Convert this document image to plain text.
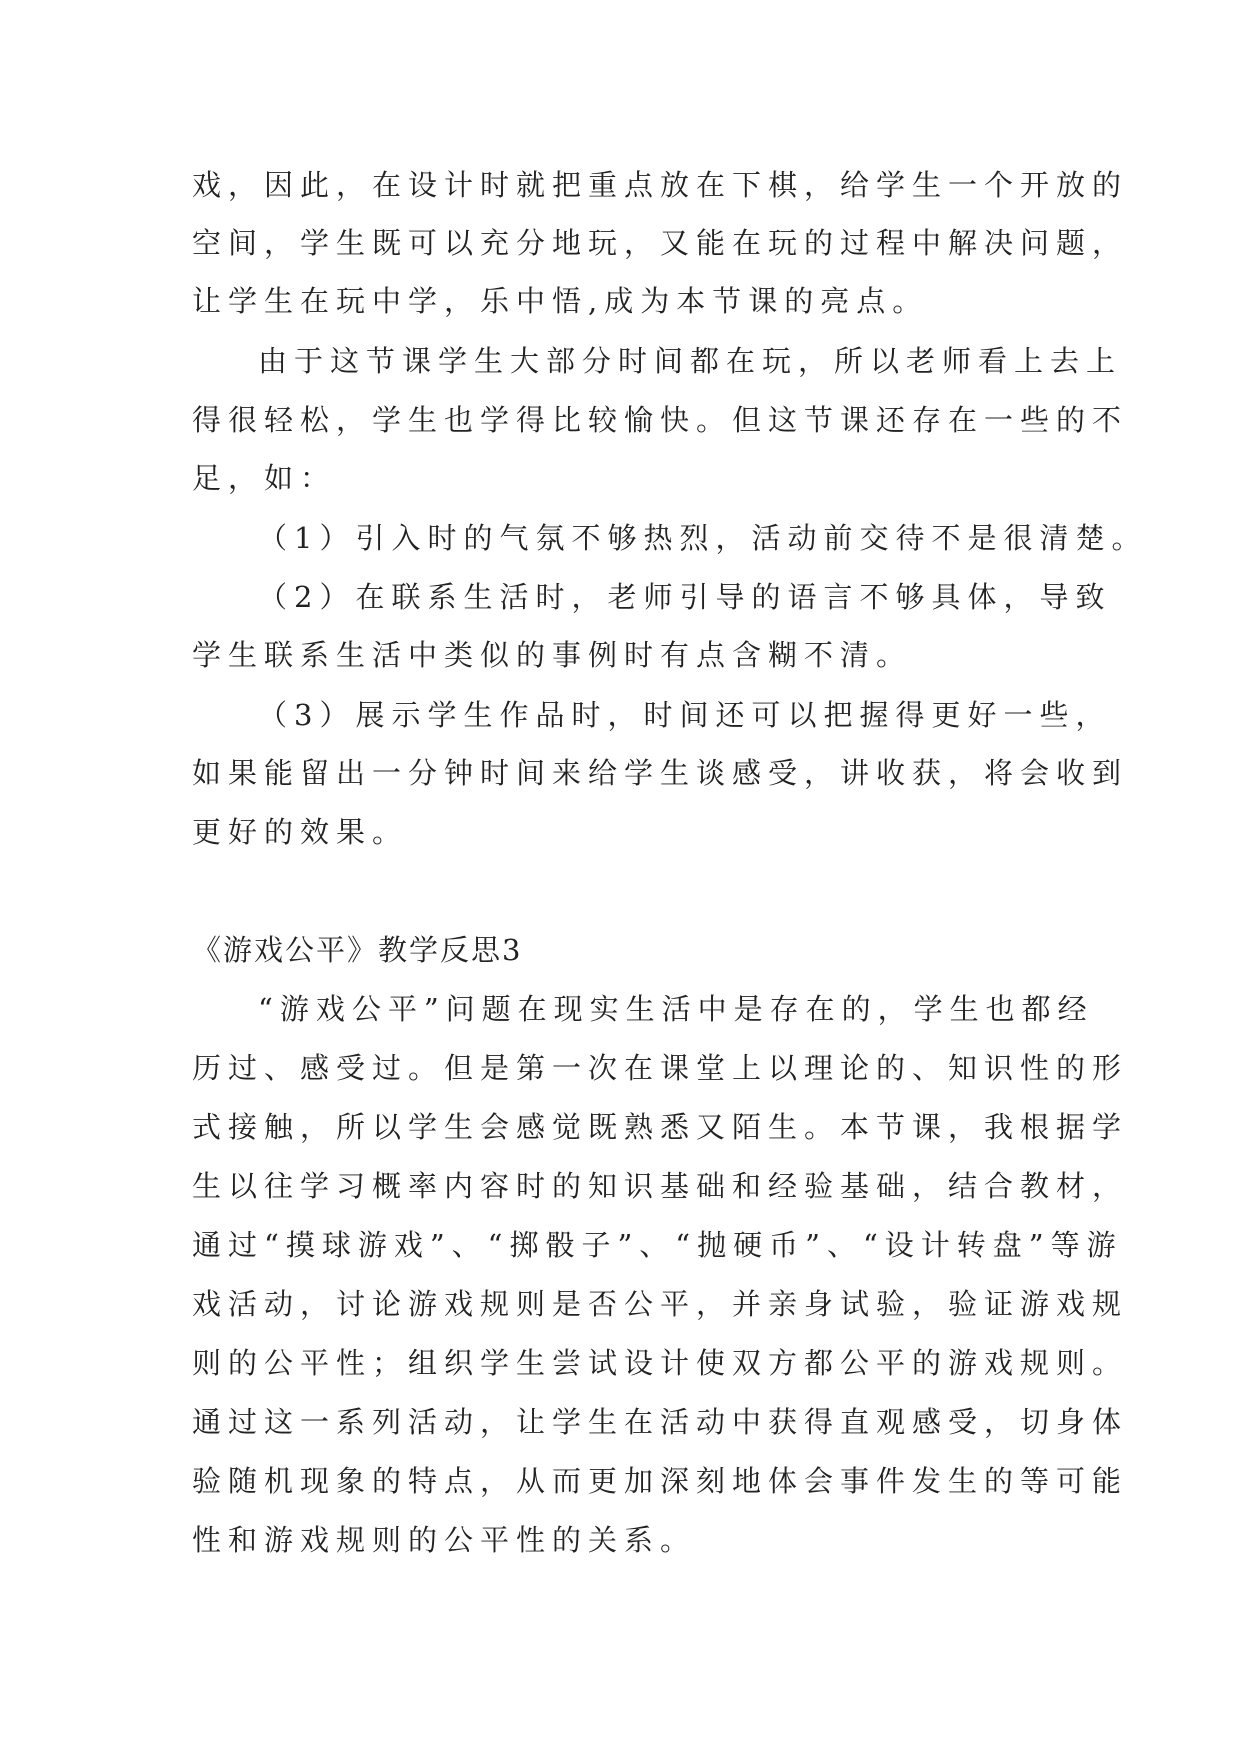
戏，因此，在设计时就把重点放在下棋，给学生一个开放的
空间，学生既可以充分地玩，又能在玩的过程中解决问题，
让学生在玩中学，乐中悟,成为本节课的亮点。
由于这节课学生大部分时间都在玩，所以老师看上去上
得很轻松，学生也学得比较愉快。但这节课还存在一些的不
足，如：
（1）引入时的气氛不够热烈，活动前交待不是很清楚。
（2）在联系生活时，老师引导的语言不够具体，导致
学生联系生活中类似的事例时有点含糊不清。
（3）展示学生作品时，时间还可以把握得更好一些，
如果能留出一分钟时间来给学生谈感受，讲收获，将会收到
更好的效果。
《游戏公平》教学反思3
“游戏公平”问题在现实生活中是存在的，学生也都经
历过、感受过。但是第一次在课堂上以理论的、知识性的形
式接触，所以学生会感觉既熟悉又陌生。本节课，我根据学
生以往学习概率内容时的知识基础和经验基础，结合教材，
通过“摸球游戏”、“掷骰子”、“抛硬币”、“设计转盘”等游
戏活动，讨论游戏规则是否公平，并亲身试验，验证游戏规
则的公平性；组织学生尝试设计使双方都公平的游戏规则。
通过这一系列活动，让学生在活动中获得直观感受，切身体
验随机现象的特点，从而更加深刻地体会事件发生的等可能
性和游戏规则的公平性的关系。
